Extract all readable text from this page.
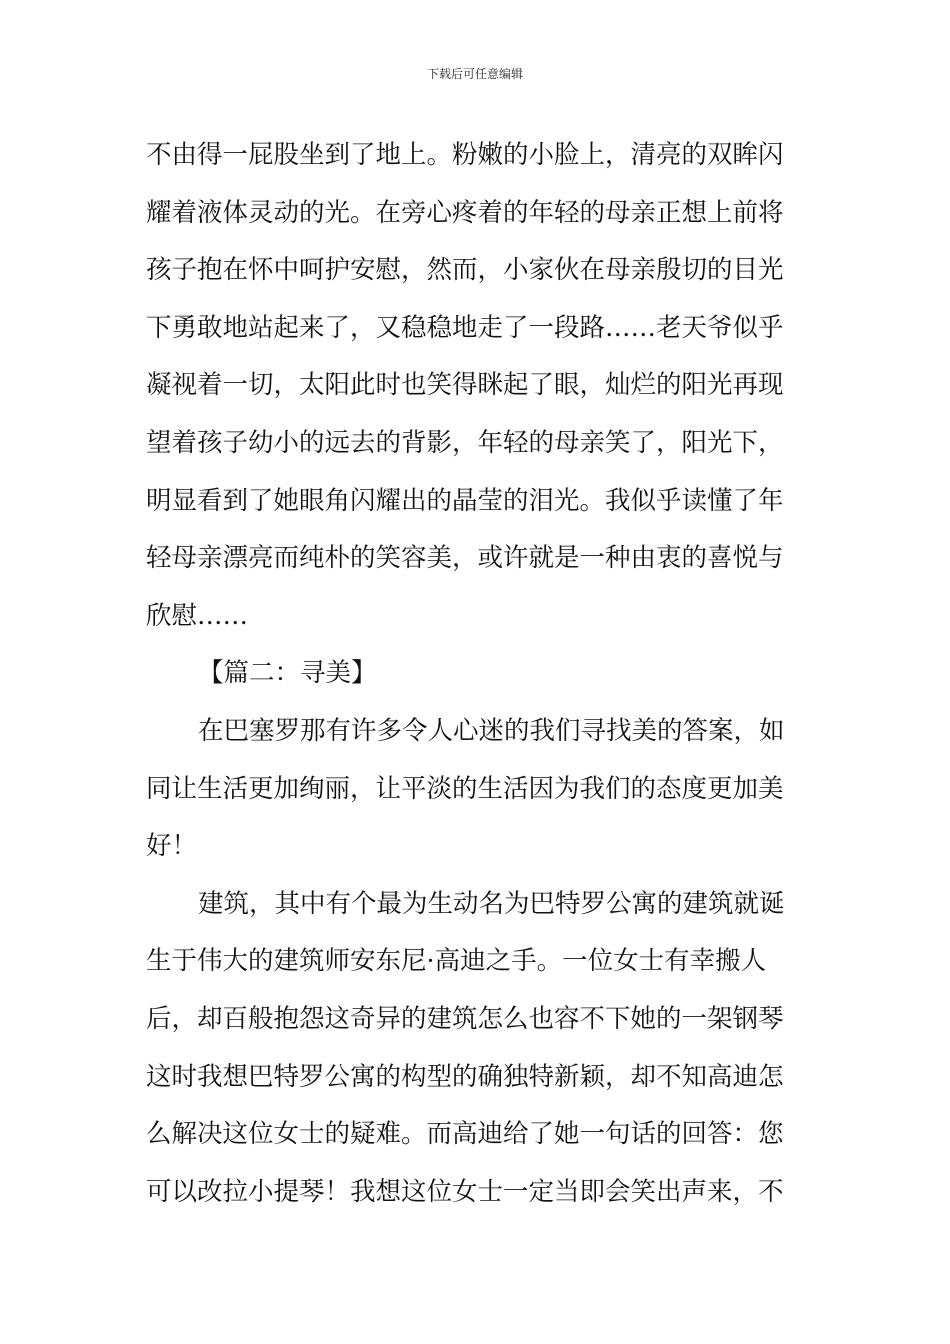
下载后可任意编辑
不由得一屁股坐到了地上。粉嫩的小脸上，清亮的双眸闪
耀着液体灵动的光。在旁心疼着的年轻的母亲正想上前将
孩子抱在怀中呵护安慰，然而，小家伙在母亲殷切的目光
下勇敢地站起来了，又稳稳地走了一段路……老天爷似乎
凝视着一切，太阳此时也笑得眯起了眼，灿烂的阳光再现
望着孩子幼小的远去的背影，年轻的母亲笑了，阳光下，
明显看到了她眼角闪耀出的晶莹的泪光。我似乎读懂了年
轻母亲漂亮而纯朴的笑容美，或许就是一种由衷的喜悦与
欣慰……
【篇二：寻美】
在巴塞罗那有许多令人心迷的我们寻找美的答案，如
同让生活更加绚丽，让平淡的生活因为我们的态度更加美
好！
建筑，其中有个最为生动名为巴特罗公寓的建筑就诞
生于伟大的建筑师安东尼·高迪之手。一位女士有幸搬人
后，却百般抱怨这奇异的建筑怎么也容不下她的一架钢琴
这时我想巴特罗公寓的构型的确独特新颖，却不知高迪怎
么解决这位女士的疑难。而高迪给了她一句话的回答：您
可以改拉小提琴！我想这位女士一定当即会笑出声来，不
